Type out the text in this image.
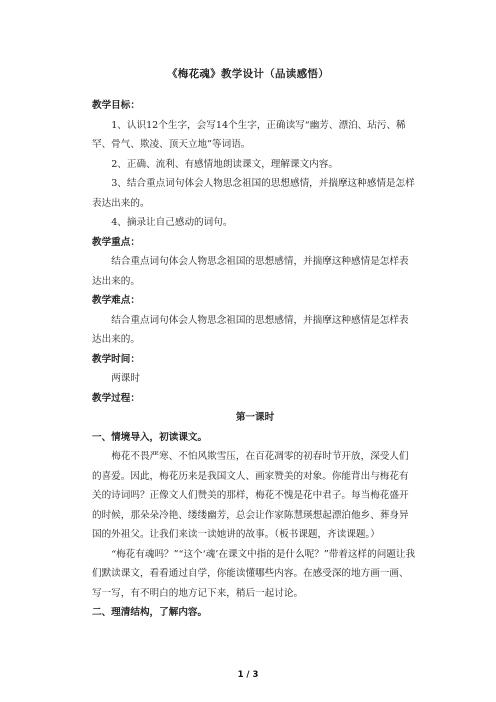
《梅花魂》教学设计（品读感悟）

教学目标：

1、认识12个生字，会写14个生字，正确读写“幽芳、漂泊、玷污、稀罕、骨气、欺凌、顶天立地”等词语。

2、正确、流利、有感情地朗读课文，理解课文内容。

3、结合重点词句体会人物思念祖国的思想感情，并揣摩这种感情是怎样表达出来的。

4、摘录让自己感动的词句。

教学重点：

结合重点词句体会人物思念祖国的思想感情，并揣摩这种感情是怎样表达出来的。

教学难点：

结合重点词句体会人物思念祖国的思想感情，并揣摩这种感情是怎样表达出来的。

教学时间：

两课时

教学过程：

第一课时

一、情境导入，初读课文。

梅花不畏严寒、不怕风欺雪压，在百花凋零的初春时节开放，深受人们的喜爱。因此，梅花历来是我国文人、画家赞美的对象。你能背出与梅花有关的诗词吗？正像文人们赞美的那样，梅花不愧是花中君子。每当梅花盛开的时候，那朵朵冷艳、缕缕幽芳，总会让作家陈慧瑛想起漂泊他乡、葬身异国的外祖父。让我们来读一读她讲的故事。（板书课题，齐读课题。）

“梅花有魂吗？”“这个‘魂’在课文中指的是什么呢？”带着这样的问题让我们默读课文，看看通过自学，你能读懂哪些内容。在感受深的地方画一画、写一写，有不明白的地方记下来，稍后一起讨论。

二、理清结构，了解内容。

1 / 3
